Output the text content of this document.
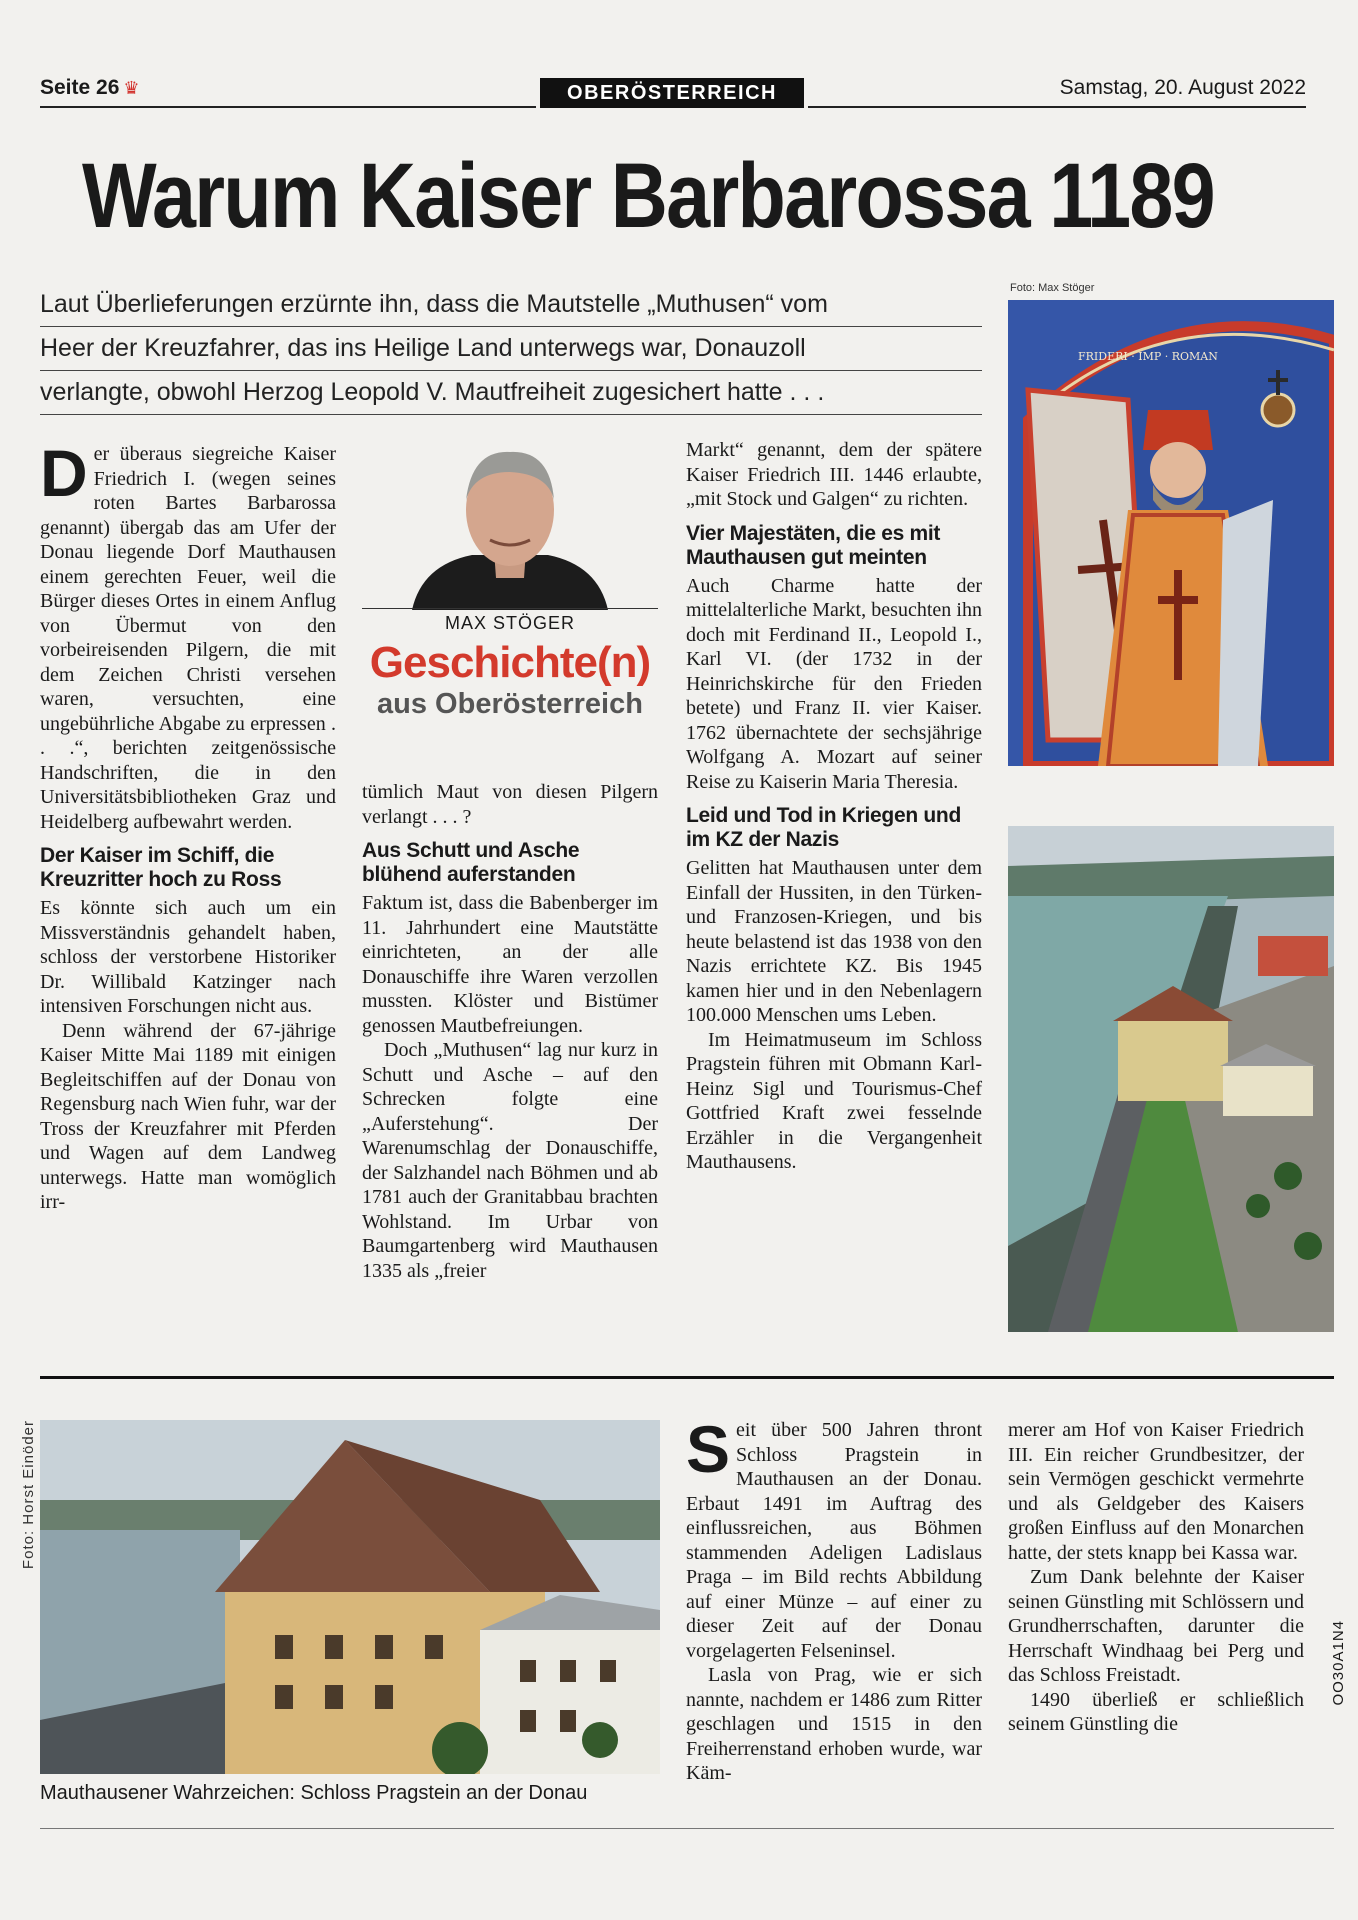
Seite 26 ♛	OBERÖSTERREICH	Samstag, 20. August 2022
Warum Kaiser Barbarossa 1189
Laut Überlieferungen erzürnte ihn, dass die Mautstelle „Muthusen“ vom
Heer der Kreuzfahrer, das ins Heilige Land unterwegs war, Donauzoll
verlangte, obwohl Herzog Leopold V. Mautfreiheit zugesichert hatte . . .
Foto: Max Stöger
FRIDERI · IMP · ROMAN
MAX STÖGER
Geschichte(n)
aus Oberösterreich

Der überaus siegreiche Kaiser Friedrich I. (wegen seines roten Bartes Barbarossa genannt) übergab das am Ufer der Donau liegende Dorf Mauthausen einem gerechten Feuer, weil die Bürger dieses Ortes in einem Anflug von Übermut von den vorbeireisenden Pilgern, die mit dem Zeichen Christi versehen waren, versuchten, eine ungebührliche Abgabe zu erpressen . . .“, berichten zeitgenössische Handschriften, die in den Universitätsbibliotheken Graz und Heidelberg aufbewahrt werden.

Der Kaiser im Schiff, die Kreuzritter hoch zu Ross

Es könnte sich auch um ein Missverständnis gehandelt haben, schloss der verstorbene Historiker Dr. Willibald Katzinger nach intensiven Forschungen nicht aus.

Denn während der 67-jährige Kaiser Mitte Mai 1189 mit einigen Begleitschiffen auf der Donau von Regensburg nach Wien fuhr, war der Tross der Kreuzfahrer mit Pferden und Wagen auf dem Landweg unterwegs. Hatte man womöglich irr-

tümlich Maut von diesen Pilgern verlangt . . . ?

Aus Schutt und Asche blühend auferstanden

Faktum ist, dass die Babenberger im 11. Jahrhundert eine Mautstätte einrichteten, an der alle Donauschiffe ihre Waren verzollen mussten. Klöster und Bistümer genossen Mautbefreiungen.

Doch „Muthusen“ lag nur kurz in Schutt und Asche – auf den Schrecken folgte eine „Auferstehung“. Der Warenumschlag der Donauschiffe, der Salzhandel nach Böhmen und ab 1781 auch der Granitabbau brachten Wohlstand. Im Urbar von Baumgartenberg wird Mauthausen 1335 als „freier

Markt“ genannt, dem der spätere Kaiser Friedrich III. 1446 erlaubte, „mit Stock und Galgen“ zu richten.

Vier Majestäten, die es mit Mauthausen gut meinten

Auch Charme hatte der mittelalterliche Markt, besuchten ihn doch mit Ferdinand II., Leopold I., Karl VI. (der 1732 in der Heinrichskirche für den Frieden betete) und Franz II. vier Kaiser. 1762 übernachtete der sechsjährige Wolfgang A. Mozart auf seiner Reise zu Kaiserin Maria Theresia.

Leid und Tod in Kriegen und im KZ der Nazis

Gelitten hat Mauthausen unter dem Einfall der Hussiten, in den Türken- und Franzosen-Kriegen, und bis heute belastend ist das 1938 von den Nazis errichtete KZ. Bis 1945 kamen hier und in den Nebenlagern 100.000 Menschen ums Leben.

Im Heimatmuseum im Schloss Pragstein führen mit Obmann Karl-Heinz Sigl und Tourismus-Chef Gottfried Kraft zwei fesselnde Erzähler in die Vergangenheit Mauthausens.

Foto: Horst Einöder
Mauthausener Wahrzeichen: Schloss Pragstein an der Donau

Seit über 500 Jahren thront Schloss Pragstein in Mauthausen an der Donau. Erbaut 1491 im Auftrag des einflussreichen, aus Böhmen stammenden Adeligen Ladislaus Praga – im Bild rechts Abbildung auf einer Münze – auf einer zu dieser Zeit auf der Donau vorgelagerten Felseninsel.

Lasla von Prag, wie er sich nannte, nachdem er 1486 zum Ritter geschlagen und 1515 in den Freiherrenstand erhoben wurde, war Käm-

merer am Hof von Kaiser Friedrich III. Ein reicher Grundbesitzer, der sein Vermögen geschickt vermehrte und als Geldgeber des Kaisers großen Einfluss auf den Monarchen hatte, der stets knapp bei Kassa war.

Zum Dank belehnte der Kaiser seinen Günstling mit Schlössern und Grundherrschaften, darunter die Herrschaft Windhaag bei Perg und das Schloss Freistadt.

1490 überließ er schließlich seinem Günstling die

OO30A1N4
